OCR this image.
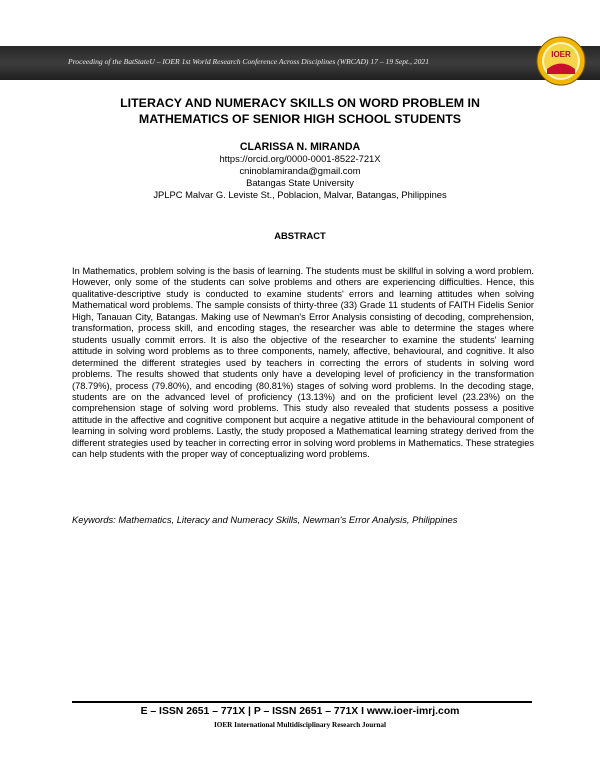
Proceeding of the BatStateU – IOER 1st World Research Conference Across Disciplines (WRCAD) 17 – 19 Sept., 2021
IOER
LITERACY AND NUMERACY SKILLS ON WORD PROBLEM IN
MATHEMATICS OF SENIOR HIGH SCHOOL STUDENTS
CLARISSA N. MIRANDA
https://orcid.org/0000-0001-8522-721X
cninoblamiranda@gmail.com
Batangas State University
JPLPC Malvar G. Leviste St., Poblacion, Malvar, Batangas, Philippines
ABSTRACT
In Mathematics, problem solving is the basis of learning. The students must be skillful in solving a word problem. However, only some of the students can solve problems and others are experiencing difficulties. Hence, this qualitative-descriptive study is conducted to examine students' errors and learning attitudes when solving Mathematical word problems. The sample consists of thirty-three (33) Grade 11 students of FAITH Fidelis Senior High, Tanauan City, Batangas. Making use of Newman's Error Analysis consisting of decoding, comprehension, transformation, process skill, and encoding stages, the researcher was able to determine the stages where students usually commit errors. It is also the objective of the researcher to examine the students' learning attitude in solving word problems as to three components, namely, affective, behavioural, and cognitive. It also determined the different strategies used by teachers in correcting the errors of students in solving word problems. The results showed that students only have a developing level of proficiency in the transformation (78.79%), process (79.80%), and encoding (80.81%) stages of solving word problems. In the decoding stage, students are on the advanced level of proficiency (13.13%) and on the proficient level (23.23%) on the comprehension stage of solving word problems. This study also revealed that students possess a positive attitude in the affective and cognitive component but acquire a negative attitude in the behavioural component of learning in solving word problems. Lastly, the study proposed a Mathematical learning strategy derived from the different strategies used by teacher in correcting error in solving word problems in Mathematics. These strategies can help students with the proper way of conceptualizing word problems.
Keywords: Mathematics, Literacy and Numeracy Skills, Newman's Error Analysis, Philippines
E – ISSN 2651 – 771X | P – ISSN 2651 – 771X I www.ioer-imrj.com
IOER International Multidisciplinary Research Journal
